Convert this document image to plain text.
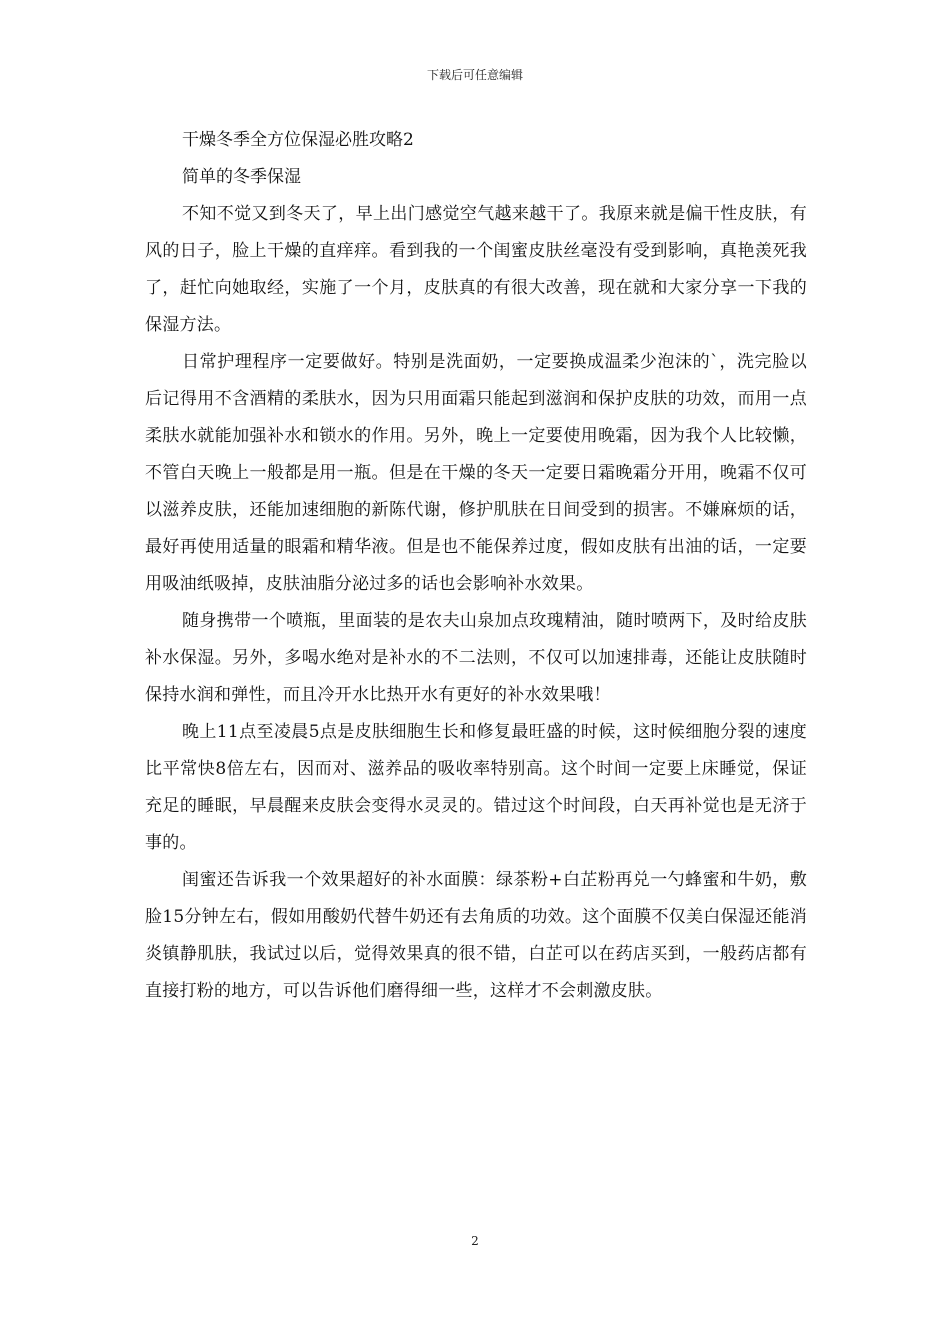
下载后可任意编辑

干燥冬季全方位保湿必胜攻略2

简单的冬季保湿

不知不觉又到冬天了，早上出门感觉空气越来越干了。我原来就是偏干性皮肤，有风的日子，脸上干燥的直痒痒。看到我的一个闺蜜皮肤丝毫没有受到影响，真艳羡死我了，赶忙向她取经，实施了一个月，皮肤真的有很大改善，现在就和大家分享一下我的保湿方法。

日常护理程序一定要做好。特别是洗面奶，一定要换成温柔少泡沫的`，洗完脸以后记得用不含酒精的柔肤水，因为只用面霜只能起到滋润和保护皮肤的功效，而用一点柔肤水就能加强补水和锁水的作用。另外，晚上一定要使用晚霜，因为我个人比较懒，不管白天晚上一般都是用一瓶。但是在干燥的冬天一定要日霜晚霜分开用，晚霜不仅可以滋养皮肤，还能加速细胞的新陈代谢，修护肌肤在日间受到的损害。不嫌麻烦的话，最好再使用适量的眼霜和精华液。但是也不能保养过度，假如皮肤有出油的话，一定要用吸油纸吸掉，皮肤油脂分泌过多的话也会影响补水效果。

随身携带一个喷瓶，里面装的是农夫山泉加点玫瑰精油，随时喷两下，及时给皮肤补水保湿。另外，多喝水绝对是补水的不二法则，不仅可以加速排毒，还能让皮肤随时保持水润和弹性，而且冷开水比热开水有更好的补水效果哦！

晚上11点至凌晨5点是皮肤细胞生长和修复最旺盛的时候，这时候细胞分裂的速度比平常快8倍左右，因而对、滋养品的吸收率特别高。这个时间一定要上床睡觉，保证充足的睡眠，早晨醒来皮肤会变得水灵灵的。错过这个时间段，白天再补觉也是无济于事的。

闺蜜还告诉我一个效果超好的补水面膜：绿茶粉+白芷粉再兑一勺蜂蜜和牛奶，敷脸15分钟左右，假如用酸奶代替牛奶还有去角质的功效。这个面膜不仅美白保湿还能消炎镇静肌肤，我试过以后，觉得效果真的很不错，白芷可以在药店买到，一般药店都有直接打粉的地方，可以告诉他们磨得细一些，这样才不会刺激皮肤。

2
